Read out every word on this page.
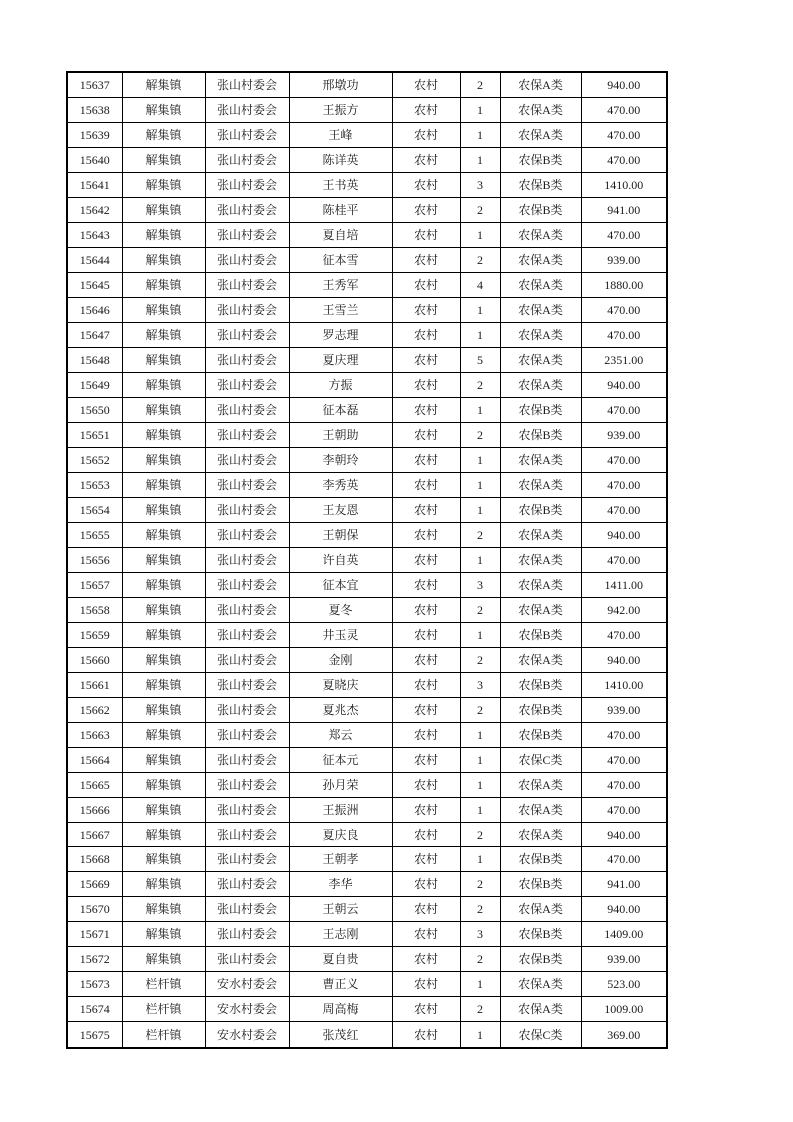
15637	解集镇	张山村委会	邢墩功	农村	2	农保A类	940.00
15638	解集镇	张山村委会	王振方	农村	1	农保A类	470.00
15639	解集镇	张山村委会	王峰	农村	1	农保A类	470.00
15640	解集镇	张山村委会	陈详英	农村	1	农保B类	470.00
15641	解集镇	张山村委会	王书英	农村	3	农保B类	1410.00
15642	解集镇	张山村委会	陈桂平	农村	2	农保B类	941.00
15643	解集镇	张山村委会	夏自培	农村	1	农保A类	470.00
15644	解集镇	张山村委会	征本雪	农村	2	农保A类	939.00
15645	解集镇	张山村委会	王秀军	农村	4	农保A类	1880.00
15646	解集镇	张山村委会	王雪兰	农村	1	农保A类	470.00
15647	解集镇	张山村委会	罗志理	农村	1	农保A类	470.00
15648	解集镇	张山村委会	夏庆理	农村	5	农保A类	2351.00
15649	解集镇	张山村委会	方振	农村	2	农保A类	940.00
15650	解集镇	张山村委会	征本磊	农村	1	农保B类	470.00
15651	解集镇	张山村委会	王朝助	农村	2	农保B类	939.00
15652	解集镇	张山村委会	李朝玲	农村	1	农保A类	470.00
15653	解集镇	张山村委会	李秀英	农村	1	农保A类	470.00
15654	解集镇	张山村委会	王友恩	农村	1	农保B类	470.00
15655	解集镇	张山村委会	王朝保	农村	2	农保A类	940.00
15656	解集镇	张山村委会	许自英	农村	1	农保A类	470.00
15657	解集镇	张山村委会	征本宜	农村	3	农保A类	1411.00
15658	解集镇	张山村委会	夏冬	农村	2	农保A类	942.00
15659	解集镇	张山村委会	井玉灵	农村	1	农保B类	470.00
15660	解集镇	张山村委会	金刚	农村	2	农保A类	940.00
15661	解集镇	张山村委会	夏晓庆	农村	3	农保B类	1410.00
15662	解集镇	张山村委会	夏兆杰	农村	2	农保B类	939.00
15663	解集镇	张山村委会	郑云	农村	1	农保B类	470.00
15664	解集镇	张山村委会	征本元	农村	1	农保C类	470.00
15665	解集镇	张山村委会	孙月荣	农村	1	农保A类	470.00
15666	解集镇	张山村委会	王振洲	农村	1	农保A类	470.00
15667	解集镇	张山村委会	夏庆良	农村	2	农保A类	940.00
15668	解集镇	张山村委会	王朝孝	农村	1	农保B类	470.00
15669	解集镇	张山村委会	李华	农村	2	农保B类	941.00
15670	解集镇	张山村委会	王朝云	农村	2	农保A类	940.00
15671	解集镇	张山村委会	王志刚	农村	3	农保B类	1409.00
15672	解集镇	张山村委会	夏自贵	农村	2	农保B类	939.00
15673	栏杆镇	安水村委会	曹正义	农村	1	农保A类	523.00
15674	栏杆镇	安水村委会	周高梅	农村	2	农保A类	1009.00
15675	栏杆镇	安水村委会	张茂红	农村	1	农保C类	369.00
